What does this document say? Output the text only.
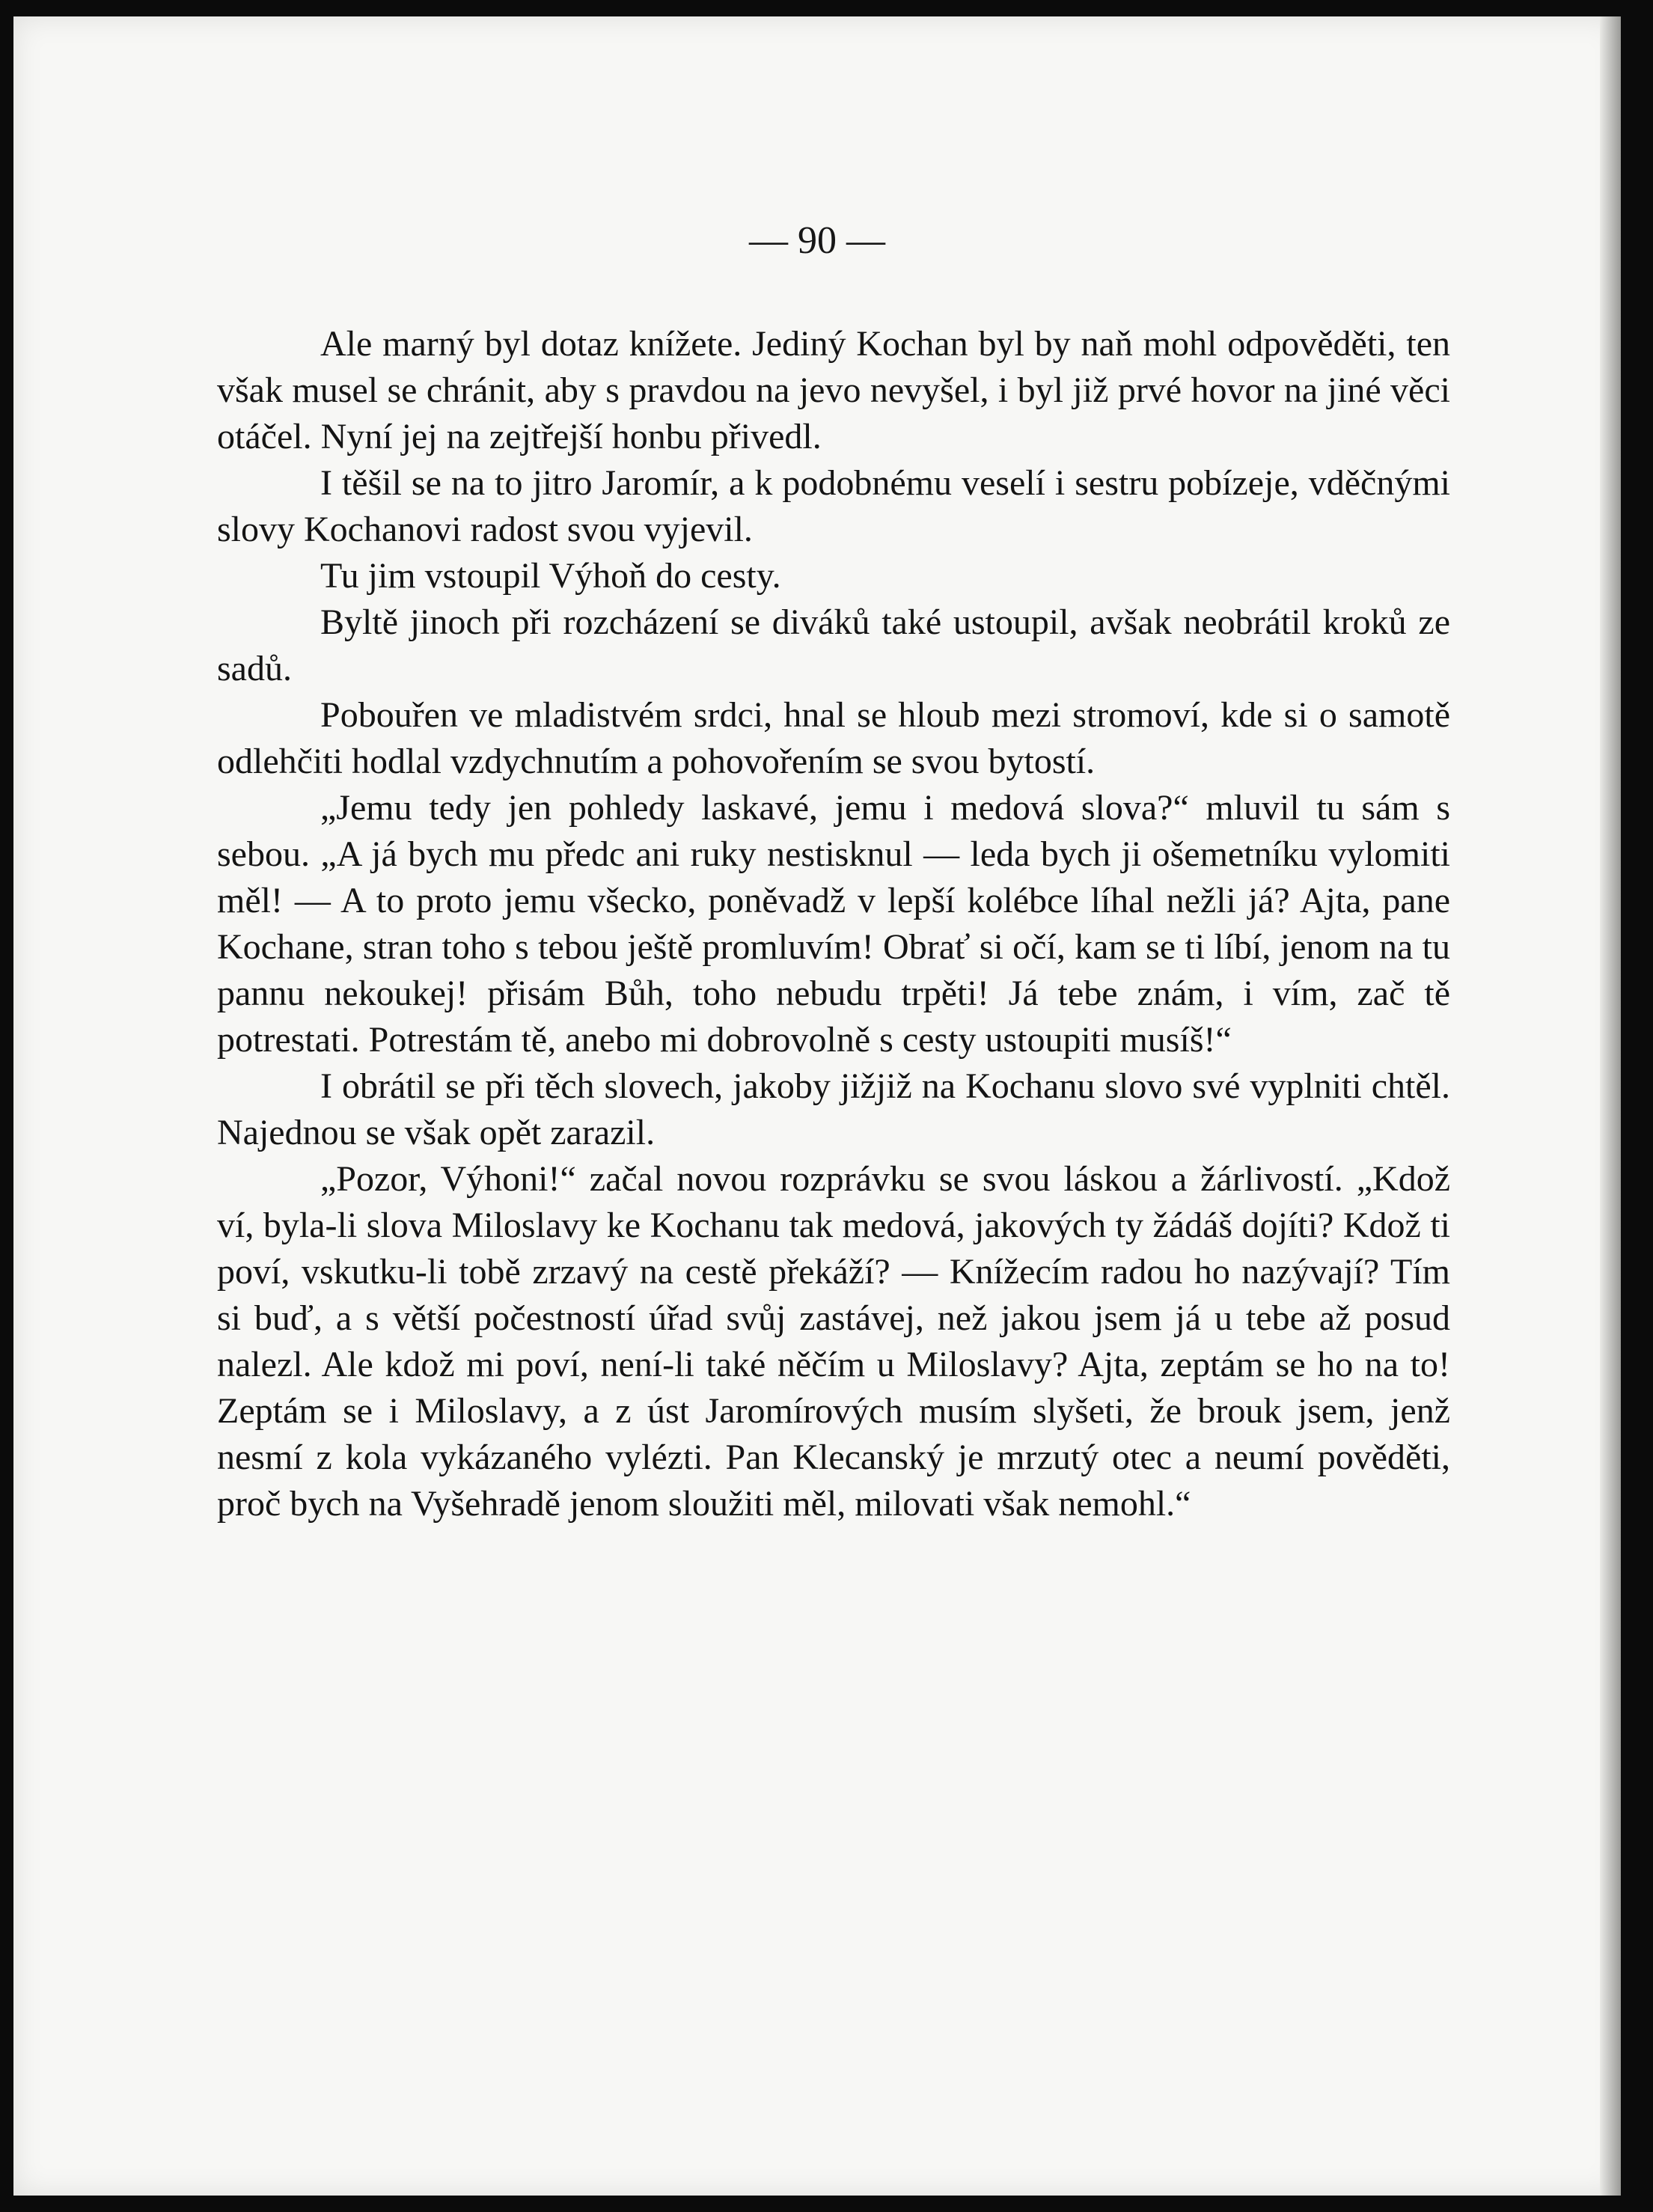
— 90 —

Ale marný byl dotaz knížete. Jediný Kochan byl by naň mohl odpověděti, ten však musel se chránit, aby s pravdou na jevo nevyšel, i byl již prvé hovor na jiné věci otáčel. Nyní jej na zejtřejší honbu přivedl.

I těšil se na to jitro Jaromír, a k podobnému veselí i sestru pobízeje, vděčnými slovy Kochanovi radost svou vyjevil.

Tu jim vstoupil Výhoň do cesty.

Byltě jinoch při rozcházení se diváků také ustoupil, avšak neobrátil kroků ze sadů.

Pobouřen ve mladistvém srdci, hnal se hloub mezi stromoví, kde si o samotě odlehčiti hodlal vzdychnutím a pohovořením se svou bytostí.

„Jemu tedy jen pohledy laskavé, jemu i medová slova?“ mluvil tu sám s sebou. „A já bych mu předc ani ruky nestisknul — leda bych ji ošemetníku vylomiti měl! — A to proto jemu všecko, poněvadž v lepší kolébce líhal nežli já? Ajta, pane Kochane, stran toho s tebou ještě promluvím! Obrať si očí, kam se ti líbí, jenom na tu pannu nekoukej! přisám Bůh, toho nebudu trpěti! Já tebe znám, i vím, zač tě potrestati. Potrestám tě, anebo mi dobrovolně s cesty ustoupiti musíš!“

I obrátil se při těch slovech, jakoby jižjiž na Kochanu slovo své vyplniti chtěl. Najednou se však opět zarazil.

„Pozor, Výhoni!“ začal novou rozprávku se svou láskou a žárlivostí. „Kdož ví, byla-li slova Miloslavy ke Kochanu tak medová, jakových ty žádáš dojíti? Kdož ti poví, vskutku-li tobě zrzavý na cestě překáží? — Knížecím radou ho nazývají? Tím si buď, a s větší počestností úřad svůj zastávej, než jakou jsem já u tebe až posud nalezl. Ale kdož mi poví, není-li také něčím u Miloslavy? Ajta, zeptám se ho na to! Zeptám se i Miloslavy, a z úst Jaromírových musím slyšeti, že brouk jsem, jenž nesmí z kola vykázaného vylézti. Pan Klecanský je mrzutý otec a neumí pověděti, proč bych na Vyšehradě jenom sloužiti měl, milovati však nemohl.“
